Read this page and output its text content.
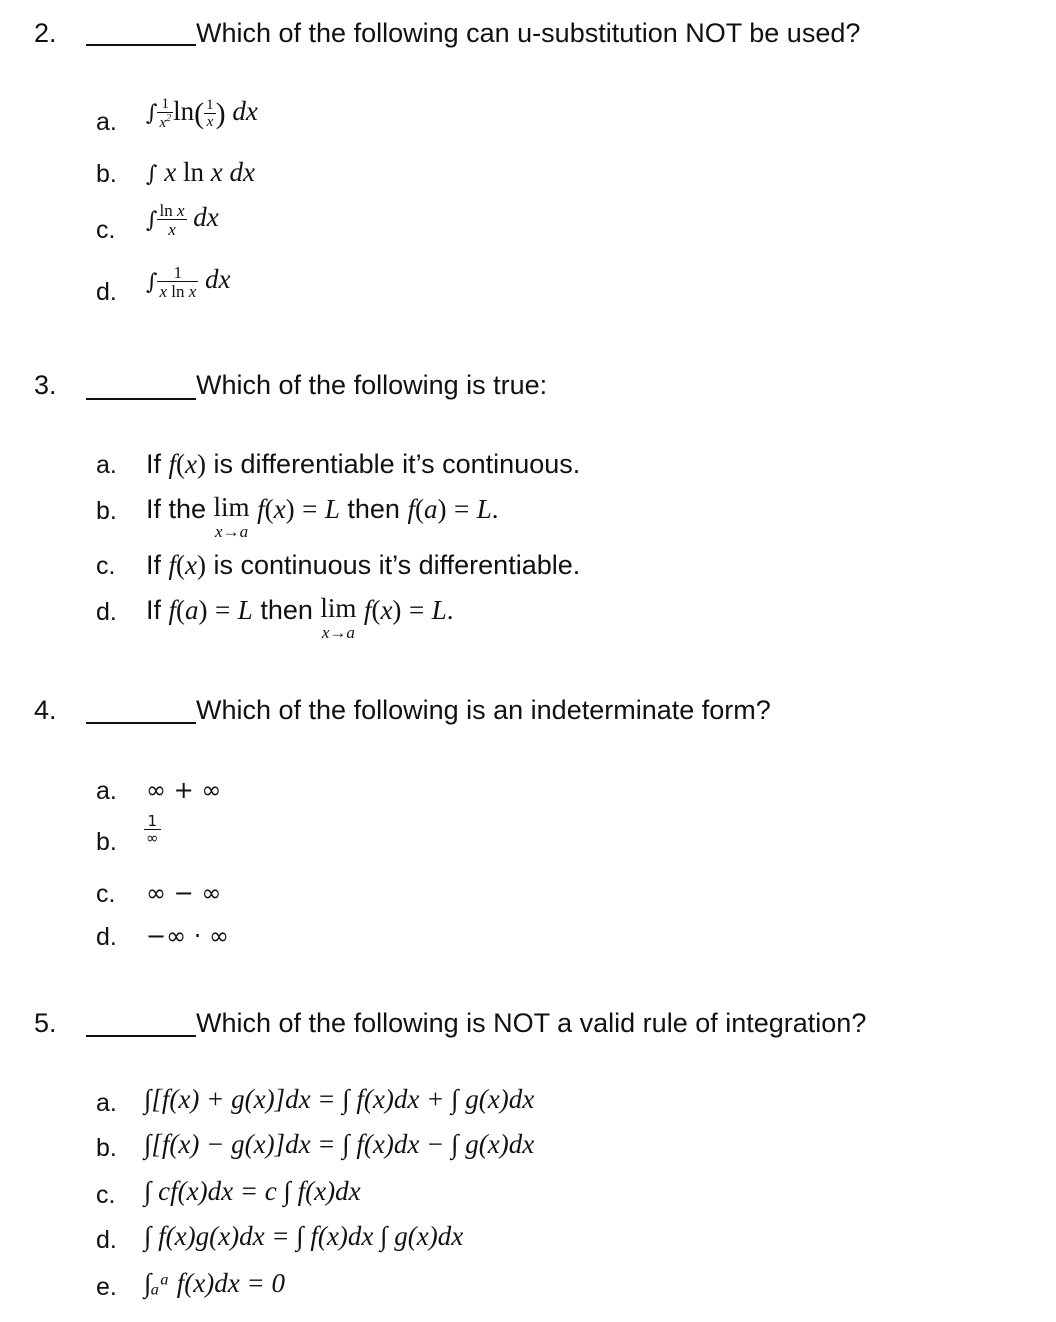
2.	Which of the following can u-substitution NOT be used?
a. ∫ $\frac{1}{x^2} \ln( \frac{1}{x}$ ) dx
b. ∫ x ln x dx
c. ∫ $\frac{\text{ln x}}{x}$ dx
d. ∫ $\frac{1}{\text{x ln x}}$ dx
3.	Which of the following is true:
a. If f(x) is differentiable it’s continuous.
b. If the lim
x→a
f(x) = L then f(a) = L.
c. If f(x) is continuous it’s differentiable.
d. If f(a) = L then lim
x→a
f(x) = L.
4.	Which of the following is an indeterminate form?
a. ∞ + ∞
b. $\frac{1}{\infty}$
c. ∞ − ∞
d. −∞ · ∞
5.	Which of the following is NOT a valid rule of integration?
a. ∫[f(x) + g(x)]dx = ∫ f(x)dx + ∫ g(x)dx
b. ∫[f(x) − g(x)]dx = ∫ f(x)dx − ∫ g(x)dx
c. ∫ cf(x)dx = c ∫ f(x)dx
d. ∫ f(x)g(x)dx = ∫ f(x)dx ∫ g(x)dx
e. ∫ₐᵃ f(x)dx = 0
